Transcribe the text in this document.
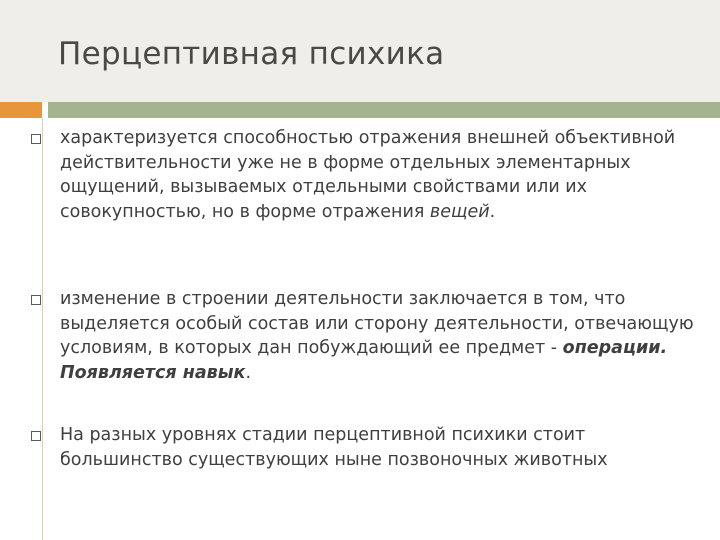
Перцептивная психика
характеризуется способностью отражения внешней объективной действительности уже не в форме отдельных элементарных ощущений, вызываемых отдельными свойствами или их совокупностью, но в форме отражения вещей.
изменение в строении деятельности заключается в том, что выделяется особый состав или сторону деятельности, отвечающую условиям, в которых дан побуждающий ее предмет - операции. Появляется навык.
На разных уровнях стадии перцептивной психики стоит большинство существующих ныне позвоночных животных
